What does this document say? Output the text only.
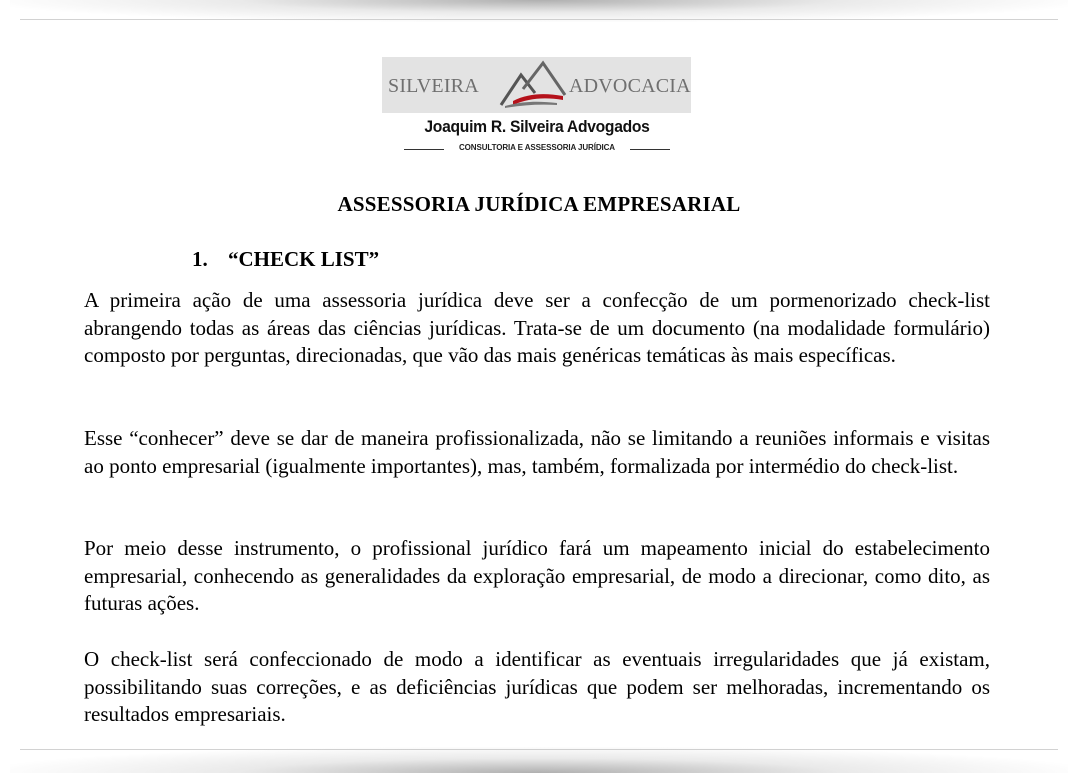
SILVEIRA	ADVOCACIA
Joaquim R. Silveira Advogados
CONSULTORIA E ASSESSORIA JURÍDICA
ASSESSORIA JURÍDICA EMPRESARIAL
1. “CHECK LIST”

A primeira ação de uma assessoria jurídica deve ser a confecção de um pormenorizado check-list abrangendo todas as áreas das ciências jurídicas. Trata-se de um documento (na modalidade formulário) composto por perguntas, direcionadas, que vão das mais genéricas temáticas às mais específicas.

Esse “conhecer” deve se dar de maneira profissionalizada, não se limitando a reuniões informais e visitas ao ponto empresarial (igualmente importantes), mas, também, formalizada por intermédio do check-list.

Por meio desse instrumento, o profissional jurídico fará um mapeamento inicial do estabelecimento empresarial, conhecendo as generalidades da exploração empresarial, de modo a direcionar, como dito, as futuras ações.

O check-list será confeccionado de modo a identificar as eventuais irregularidades que já existam, possibilitando suas correções, e as deficiências jurídicas que podem ser melhoradas, incrementando os resultados empresariais.
